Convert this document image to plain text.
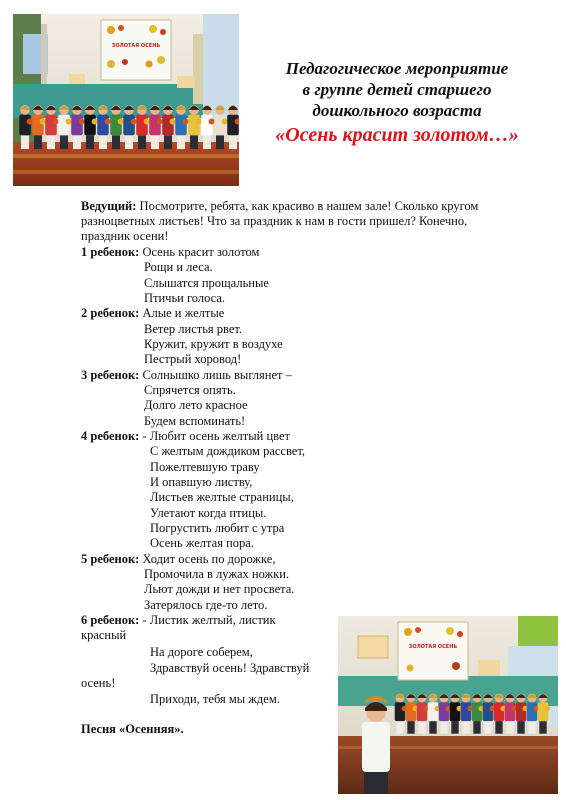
ЗОЛОТАЯ ОСЕНЬ
Педагогическое мероприятие
в группе детей старшего
дошкольного возраста
«Осень красит золотом…»
Ведущий: Посмотрите, ребята, как красиво в нашем зале! Сколько кругом
разноцветных листьев! Что за праздник к нам в гости пришел? Конечно,
праздник осени!
1 ребенок: Осень красит золотом
Рощи и леса.
Слышатся прощальные
Птичьи голоса.
2 ребенок: Алые и желтые
Ветер листья рвет.
Кружит, кружит в воздухе
Пестрый хоровод!
3 ребенок: Солнышко лишь выглянет –
Спрячется опять.
Долго лето красное
Будем вспоминать!
4 ребенок: - Любит осень желтый цвет
С желтым дождиком рассвет,
Пожелтевшую траву
И опавшую листву,
Листьев желтые страницы,
Улетают когда птицы.
Погрустить любит с утра
Осень желтая пора.
5 ребенок: Ходит осень по дорожке,
Промочила в лужах ножки.
Льют дожди и нет просвета.
Затерялось где-то лето.
6 ребенок: - Листик желтый, листик
красный
На дороге соберем,
Здравствуй осень! Здравствуй
осень!
Приходи, тебя мы ждем.
Песня «Осенняя».
ЗОЛОТАЯ ОСЕНЬ
